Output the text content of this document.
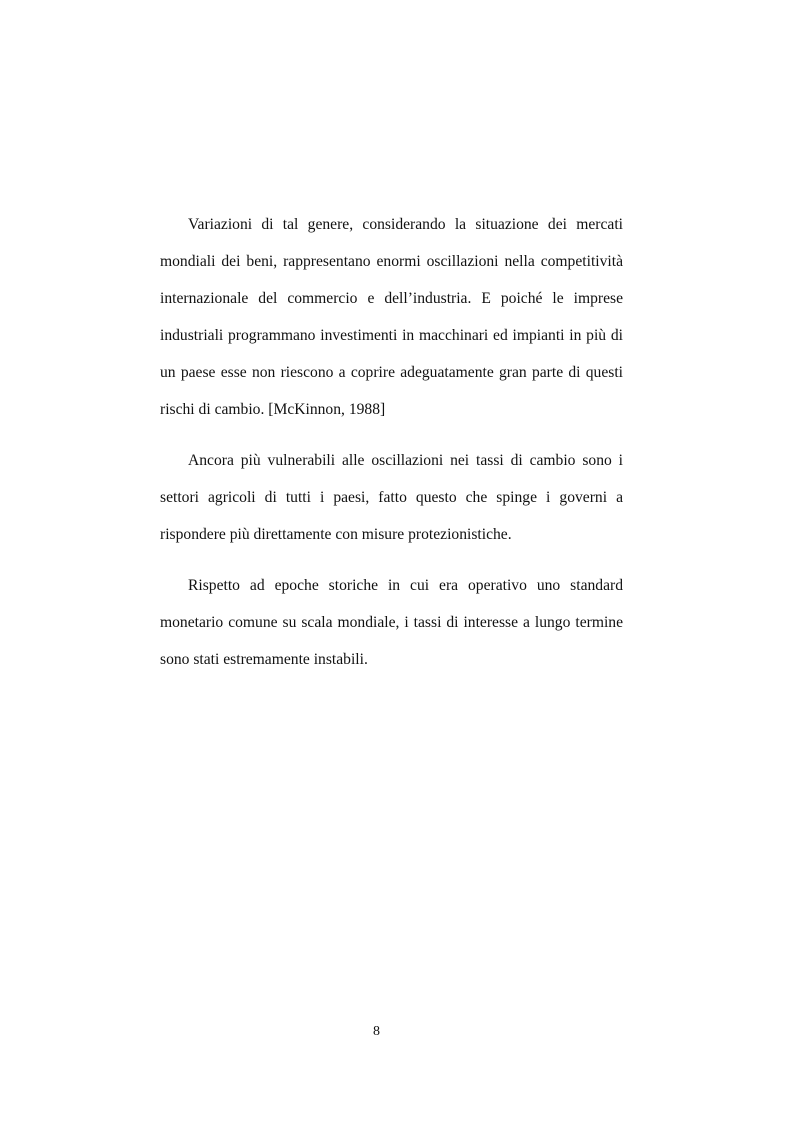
Variazioni di tal genere, considerando la situazione dei mercati mondiali dei beni, rappresentano enormi oscillazioni nella competitività internazionale del commercio e dell’industria. E poiché le imprese industriali programmano investimenti in macchinari ed impianti in più di un paese esse non riescono a coprire adeguatamente gran parte di questi rischi di cambio. [McKinnon, 1988]

Ancora più vulnerabili alle oscillazioni nei tassi di cambio sono i settori agricoli di tutti i paesi, fatto questo che spinge i governi a rispondere più direttamente con misure protezionistiche.

Rispetto ad epoche storiche in cui era operativo uno standard monetario comune su scala mondiale, i tassi di interesse a lungo termine sono stati estremamente instabili.

8
